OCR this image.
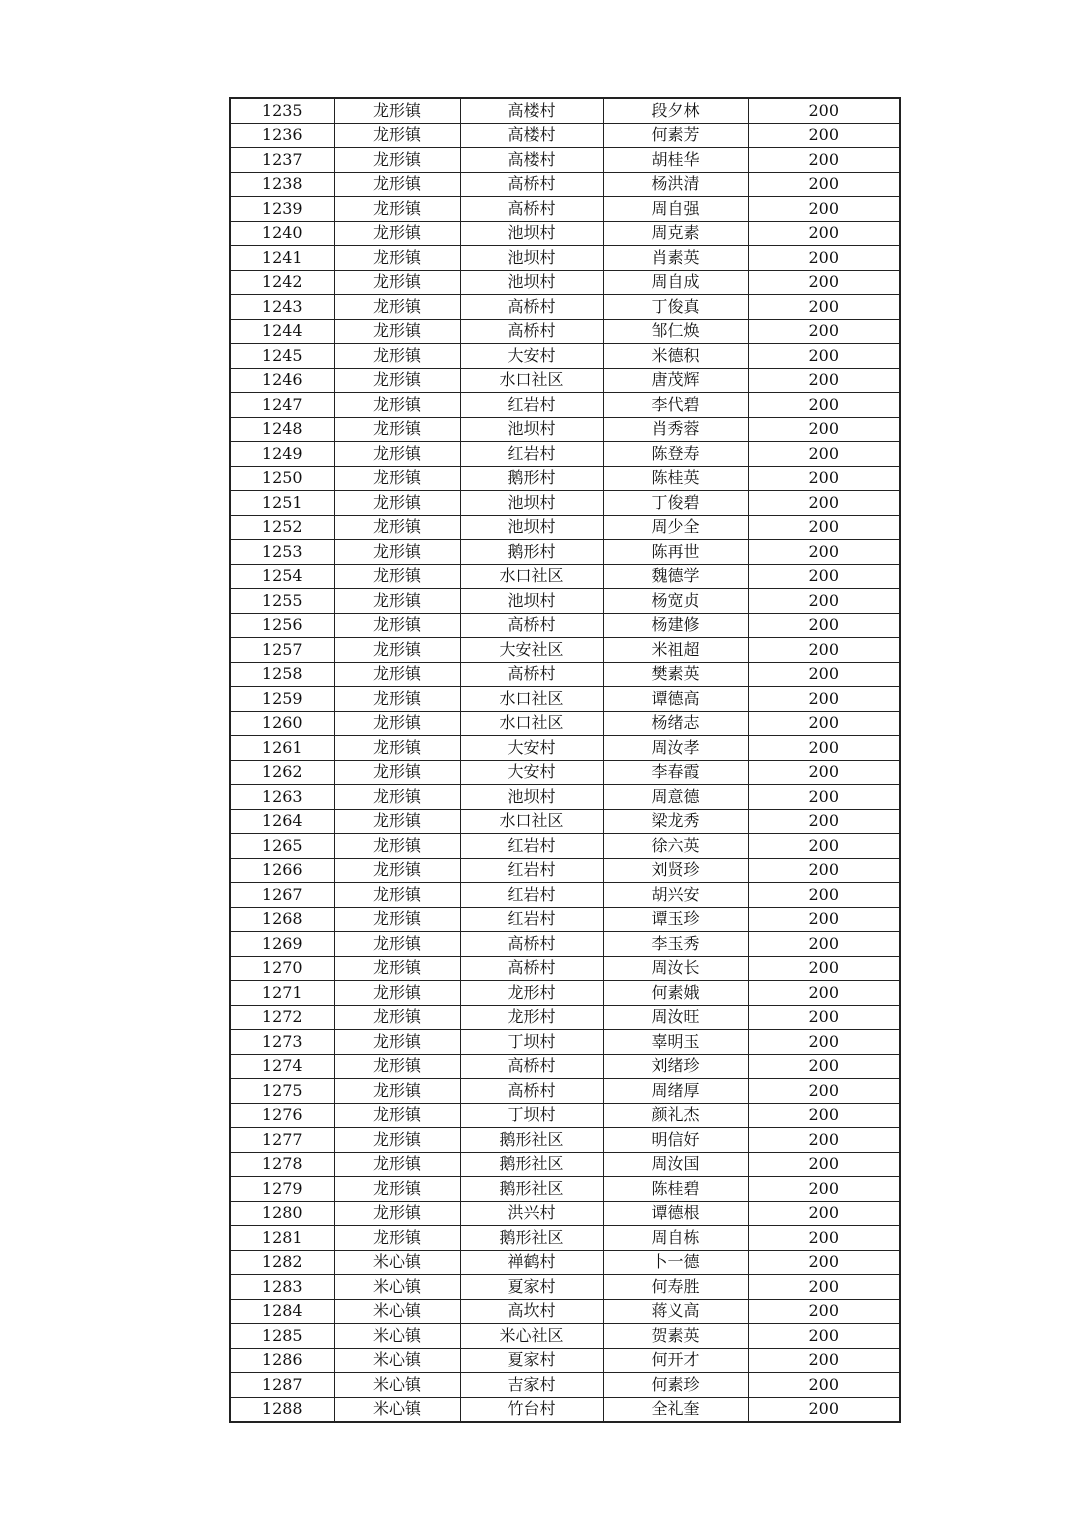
1235	龙形镇	高楼村	段夕林	200
1236	龙形镇	高楼村	何素芳	200
1237	龙形镇	高楼村	胡桂华	200
1238	龙形镇	高桥村	杨洪清	200
1239	龙形镇	高桥村	周自强	200
1240	龙形镇	池坝村	周克素	200
1241	龙形镇	池坝村	肖素英	200
1242	龙形镇	池坝村	周自成	200
1243	龙形镇	高桥村	丁俊真	200
1244	龙形镇	高桥村	邹仁焕	200
1245	龙形镇	大安村	米德积	200
1246	龙形镇	水口社区	唐茂辉	200
1247	龙形镇	红岩村	李代碧	200
1248	龙形镇	池坝村	肖秀蓉	200
1249	龙形镇	红岩村	陈登寿	200
1250	龙形镇	鹅形村	陈桂英	200
1251	龙形镇	池坝村	丁俊碧	200
1252	龙形镇	池坝村	周少全	200
1253	龙形镇	鹅形村	陈再世	200
1254	龙形镇	水口社区	魏德学	200
1255	龙形镇	池坝村	杨宽贞	200
1256	龙形镇	高桥村	杨建修	200
1257	龙形镇	大安社区	米祖超	200
1258	龙形镇	高桥村	樊素英	200
1259	龙形镇	水口社区	谭德高	200
1260	龙形镇	水口社区	杨绪志	200
1261	龙形镇	大安村	周汝孝	200
1262	龙形镇	大安村	李春霞	200
1263	龙形镇	池坝村	周意德	200
1264	龙形镇	水口社区	梁龙秀	200
1265	龙形镇	红岩村	徐六英	200
1266	龙形镇	红岩村	刘贤珍	200
1267	龙形镇	红岩村	胡兴安	200
1268	龙形镇	红岩村	谭玉珍	200
1269	龙形镇	高桥村	李玉秀	200
1270	龙形镇	高桥村	周汝长	200
1271	龙形镇	龙形村	何素娥	200
1272	龙形镇	龙形村	周汝旺	200
1273	龙形镇	丁坝村	辜明玉	200
1274	龙形镇	高桥村	刘绪珍	200
1275	龙形镇	高桥村	周绪厚	200
1276	龙形镇	丁坝村	颜礼杰	200
1277	龙形镇	鹅形社区	明信好	200
1278	龙形镇	鹅形社区	周汝国	200
1279	龙形镇	鹅形社区	陈桂碧	200
1280	龙形镇	洪兴村	谭德根	200
1281	龙形镇	鹅形社区	周自栋	200
1282	米心镇	禅鹤村	卜一德	200
1283	米心镇	夏家村	何寿胜	200
1284	米心镇	高坎村	蒋义高	200
1285	米心镇	米心社区	贺素英	200
1286	米心镇	夏家村	何开才	200
1287	米心镇	吉家村	何素珍	200
1288	米心镇	竹台村	全礼奎	200
